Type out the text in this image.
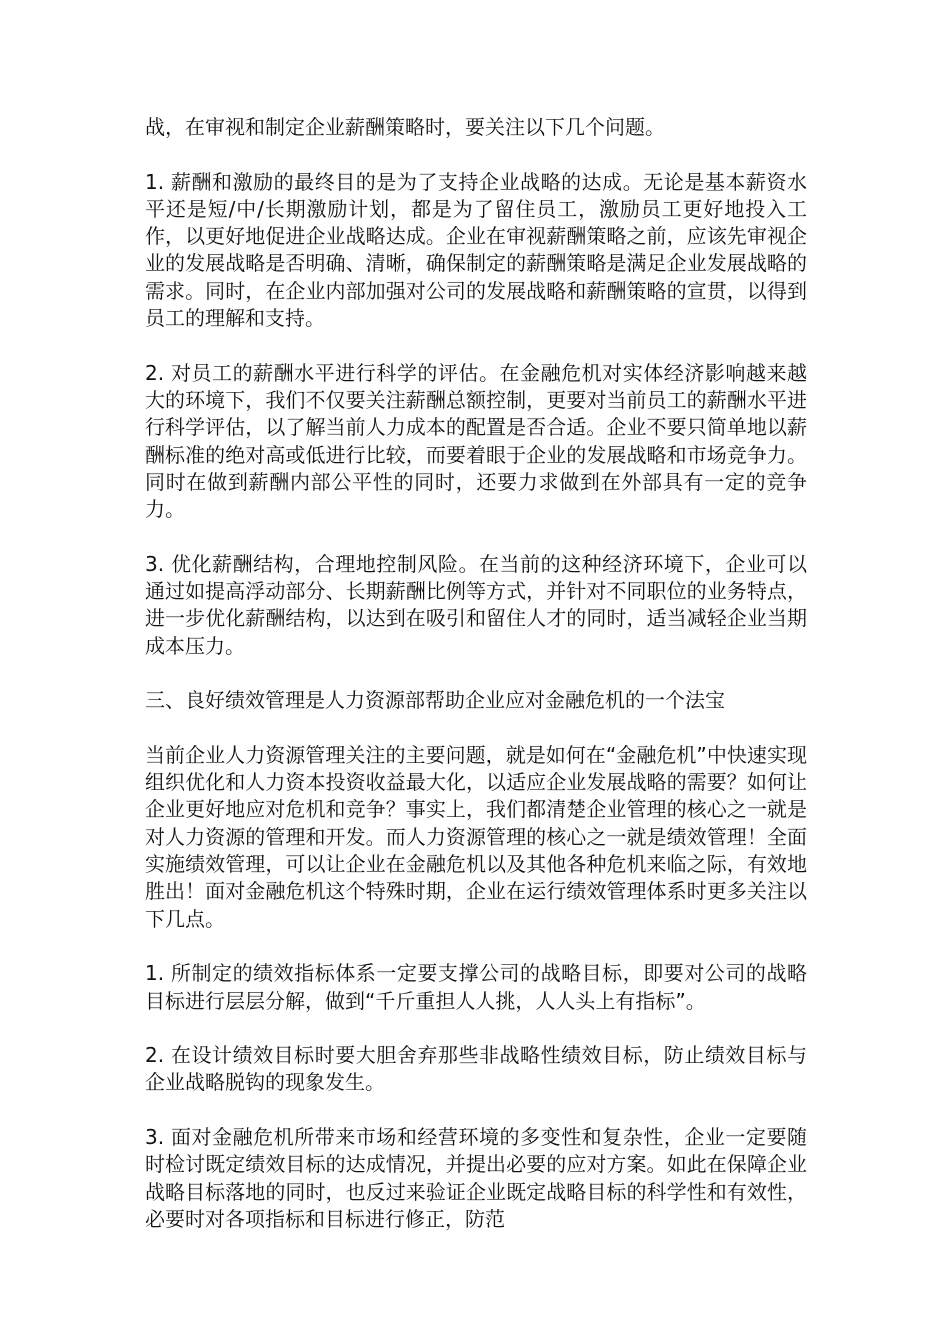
战，在审视和制定企业薪酬策略时，要关注以下几个问题。

1. 薪酬和激励的最终目的是为了支持企业战略的达成。无论是基本薪资水平还是短/中/长期激励计划，都是为了留住员工，激励员工更好地投入工作，以更好地促进企业战略达成。企业在审视薪酬策略之前，应该先审视企业的发展战略是否明确、清晰，确保制定的薪酬策略是满足企业发展战略的需求。同时，在企业内部加强对公司的发展战略和薪酬策略的宣贯，以得到员工的理解和支持。

2. 对员工的薪酬水平进行科学的评估。在金融危机对实体经济影响越来越大的环境下，我们不仅要关注薪酬总额控制，更要对当前员工的薪酬水平进行科学评估，以了解当前人力成本的配置是否合适。企业不要只简单地以薪酬标准的绝对高或低进行比较，而要着眼于企业的发展战略和市场竞争力。同时在做到薪酬内部公平性的同时，还要力求做到在外部具有一定的竞争力。

3. 优化薪酬结构，合理地控制风险。在当前的这种经济环境下，企业可以通过如提高浮动部分、长期薪酬比例等方式，并针对不同职位的业务特点，进一步优化薪酬结构，以达到在吸引和留住人才的同时，适当减轻企业当期成本压力。

三、良好绩效管理是人力资源部帮助企业应对金融危机的一个法宝

当前企业人力资源管理关注的主要问题，就是如何在“金融危机”中快速实现组织优化和人力资本投资收益最大化，以适应企业发展战略的需要？如何让企业更好地应对危机和竞争？事实上，我们都清楚企业管理的核心之一就是对人力资源的管理和开发。而人力资源管理的核心之一就是绩效管理！全面实施绩效管理，可以让企业在金融危机以及其他各种危机来临之际，有效地胜出！面对金融危机这个特殊时期，企业在运行绩效管理体系时更多关注以下几点。

1. 所制定的绩效指标体系一定要支撑公司的战略目标，即要对公司的战略目标进行层层分解，做到“千斤重担人人挑，人人头上有指标”。

2. 在设计绩效目标时要大胆舍弃那些非战略性绩效目标，防止绩效目标与企业战略脱钩的现象发生。

3. 面对金融危机所带来市场和经营环境的多变性和复杂性，企业一定要随时检讨既定绩效目标的达成情况，并提出必要的应对方案。如此在保障企业战略目标落地的同时，也反过来验证企业既定战略目标的科学性和有效性，必要时对各项指标和目标进行修正，防范
